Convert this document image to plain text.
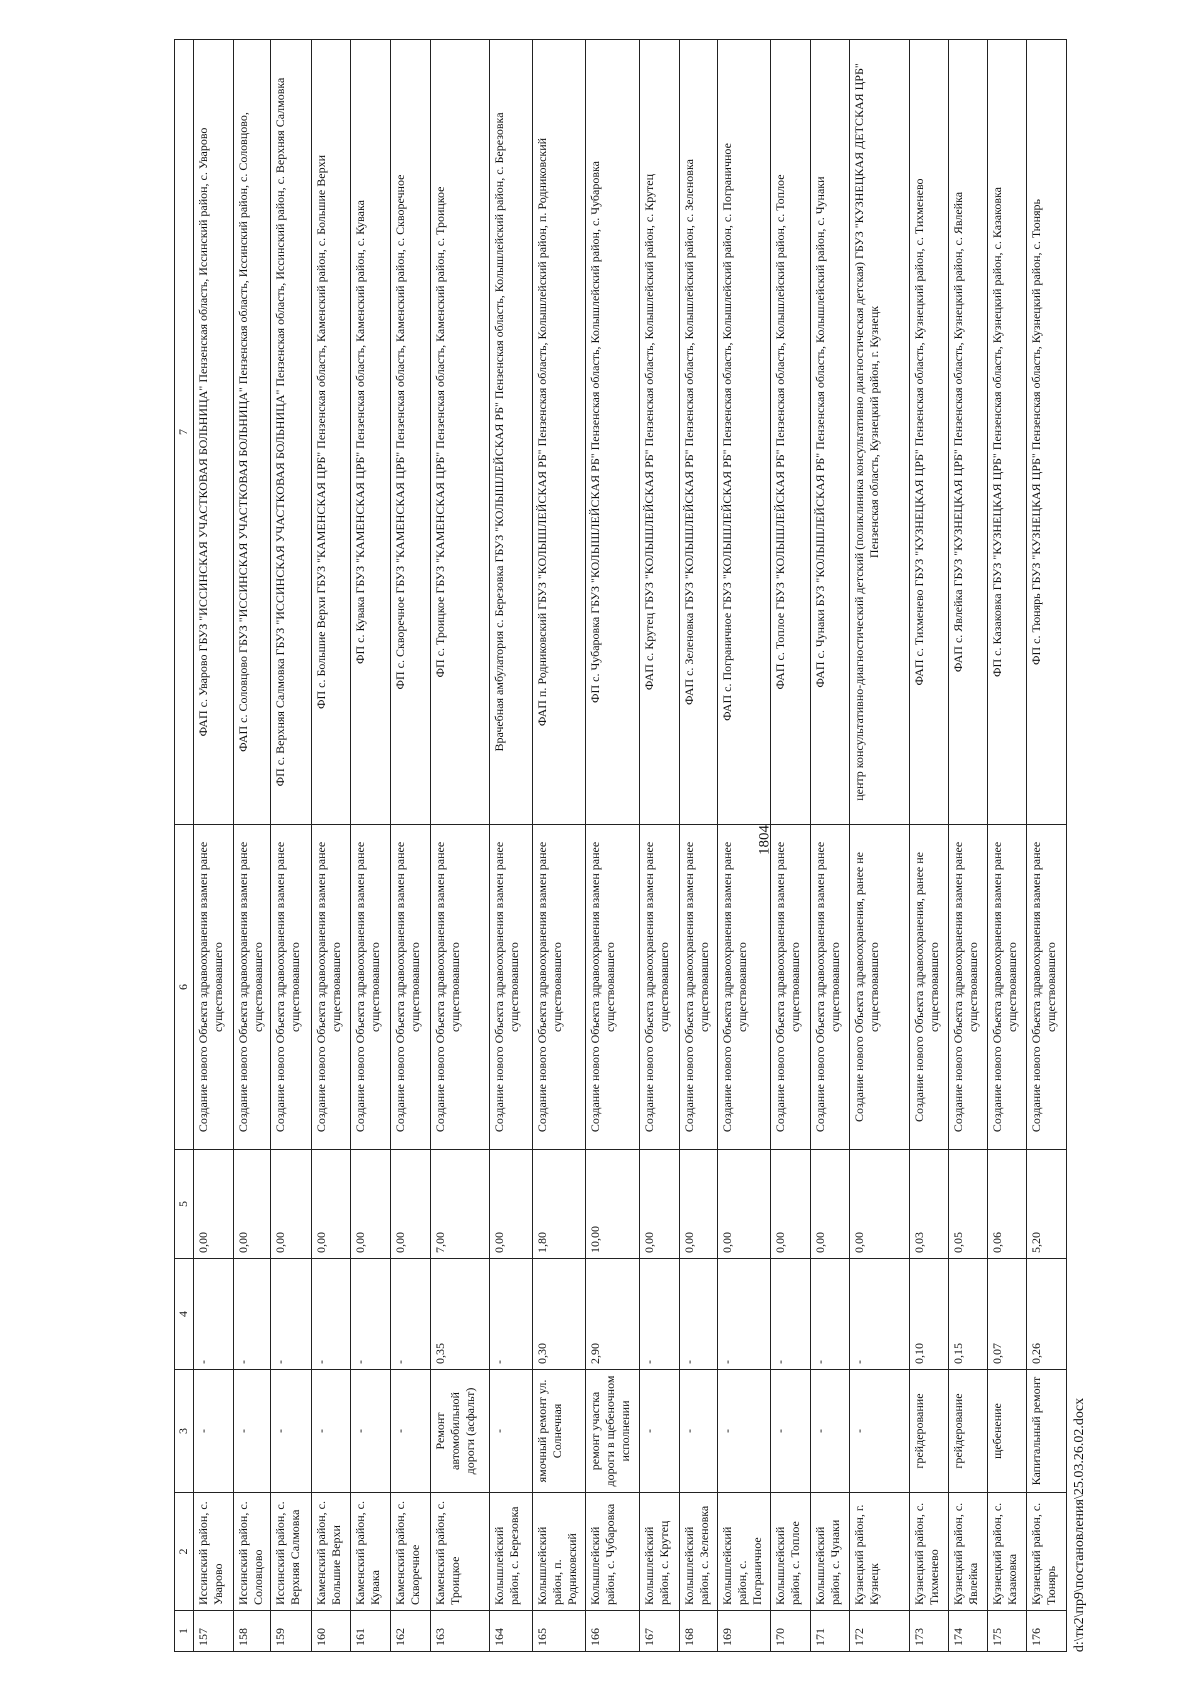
1804
1	2	3	4	5	6	7
157	Иссинский район, с. Уварово	-	-	0,00	Создание нового Объекта здравоохранения взамен ранее существовавшего	ФАП с. Уварово ГБУЗ "ИССИНСКАЯ УЧАСТКОВАЯ БОЛЬНИЦА" Пензенская область, Иссинский район, с. Уварово
158	Иссинский район, с. Соловцово	-	-	0,00	Создание нового Объекта здравоохранения взамен ранее существовавшего	ФАП с. Соловцово ГБУЗ "ИССИНСКАЯ УЧАСТКОВАЯ БОЛЬНИЦА" Пензенская область, Иссинский район, с. Соловцово,
159	Иссинский район, с. Верхняя Салмовка	-	-	0,00	Создание нового Объекта здравоохранения взамен ранее существовавшего	ФП с. Верхняя Салмовка ГБУЗ "ИССИНСКАЯ УЧАСТКОВАЯ БОЛЬНИЦА" Пензенская область, Иссинский район, с. Верхняя Салмовка
160	Каменский район, с. Большие Верхи	-	-	0,00	Создание нового Объекта здравоохранения взамен ранее существовавшего	ФП с. Большие Верхи ГБУЗ "КАМЕНСКАЯ ЦРБ" Пензенская область, Каменский район, с. Большие Верхи
161	Каменский район, с. Кувака	-	-	0,00	Создание нового Объекта здравоохранения взамен ранее существовавшего	ФП с. Кувака ГБУЗ "КАМЕНСКАЯ ЦРБ" Пензенская область, Каменский район, с. Кувака
162	Каменский район, с. Скворечное	-	-	0,00	Создание нового Объекта здравоохранения взамен ранее существовавшего	ФП с. Скворечное ГБУЗ "КАМЕНСКАЯ ЦРБ" Пензенская область, Каменский район, с. Скворечное
163	Каменский район, с. Троицкое	Ремонт автомобильной дороги (асфальт)	0,35	7,00	Создание нового Объекта здравоохранения взамен ранее существовавшего	ФП с. Троицкое ГБУЗ "КАМЕНСКАЯ ЦРБ" Пензенская область, Каменский район, с. Троицкое
164	Колышлейский район, с. Березовка	-	-	0,00	Создание нового Объекта здравоохранения взамен ранее существовавшего	Врачебная амбулатория с. Березовка ГБУЗ "КОЛЫШЛЕЙСКАЯ РБ" Пензенская область, Колышлейский район, с. Березовка
165	Колышлейский район, п. Родниковский	ямочный ремонт ул. Солнечная	0,30	1,80	Создание нового Объекта здравоохранения взамен ранее существовавшего	ФАП п. Родниковский ГБУЗ "КОЛЫШЛЕЙСКАЯ РБ" Пензенская область, Колышлейский район, п. Родниковский
166	Колышлейский район, с. Чубаровка	ремонт участка дороги в щебеночном исполнении	2,90	10,00	Создание нового Объекта здравоохранения взамен ранее существовавшего	ФП с. Чубаровка ГБУЗ "КОЛЫШЛЕЙСКАЯ РБ" Пензенская область, Колышлейский район, с. Чубаровка
167	Колышлейский район, с. Крутец	-	-	0,00	Создание нового Объекта здравоохранения взамен ранее существовавшего	ФАП с. Крутец ГБУЗ "КОЛЫШЛЕЙСКАЯ РБ" Пензенская область, Колышлейский район, с. Крутец
168	Колышлейский район, с. Зеленовка	-	-	0,00	Создание нового Объекта здравоохранения взамен ранее существовавшего	ФАП с. Зеленовка ГБУЗ "КОЛЫШЛЕЙСКАЯ РБ" Пензенская область, Колышлейский район, с. Зеленовка
169	Колышлейский район, с. Пограничное	-	-	0,00	Создание нового Объекта здравоохранения взамен ранее существовавшего	ФАП с. Пограничное ГБУЗ "КОЛЫШЛЕЙСКАЯ РБ" Пензенская область, Колышлейский район, с. Пограничное
170	Колышлейский район, с. Топлое	-	-	0,00	Создание нового Объекта здравоохранения взамен ранее существовавшего	ФАП с. Топлое ГБУЗ "КОЛЫШЛЕЙСКАЯ РБ" Пензенская область, Колышлейский район, с. Топлое
171	Колышлейский район, с. Чунаки	-	-	0,00	Создание нового Объекта здравоохранения взамен ранее существовавшего	ФАП с. Чунаки БУЗ "КОЛЫШЛЕЙСКАЯ РБ" Пензенская область, Колышлейский район, с. Чунаки
172	Кузнецкий район, г. Кузнецк	-	-	0,00	Создание нового Объекта здравоохранения, ранее не существовавшего	центр консультативно-диагностический детский (поликлиника консультативно диагностическая детская) ГБУЗ "КУЗНЕЦКАЯ ДЕТСКАЯ ЦРБ" Пензенская область, Кузнецкий район, г. Кузнецк
173	Кузнецкий район, с. Тихменево	грейдерование	0,10	0,03	Создание нового Объекта здравоохранения, ранее не существовавшего	ФАП с. Тихменево ГБУЗ "КУЗНЕЦКАЯ ЦРБ" Пензенская область, Кузнецкий район, с. Тихменево
174	Кузнецкий район, с. Явлейка	грейдерование	0,15	0,05	Создание нового Объекта здравоохранения взамен ранее существовавшего	ФАП с. Явлейка ГБУЗ "КУЗНЕЦКАЯ ЦРБ" Пензенская область, Кузнецкий район, с. Явлейка
175	Кузнецкий район, с. Казаковка	щебенение	0,07	0,06	Создание нового Объекта здравоохранения взамен ранее существовавшего	ФП с. Казаковка ГБУЗ "КУЗНЕЦКАЯ ЦРБ" Пензенская область, Кузнецкий район, с. Казаковка
176	Кузнецкий район, с. Тюнярь	Капитальный ремонт	0,26	5,20	Создание нового Объекта здравоохранения взамен ранее существовавшего	ФП с. Тюнярь ГБУЗ "КУЗНЕЦКАЯ ЦРБ" Пензенская область, Кузнецкий район, с. Тюнярь
d:\тк2\пр9\постановления\25.03.26.02.docx
